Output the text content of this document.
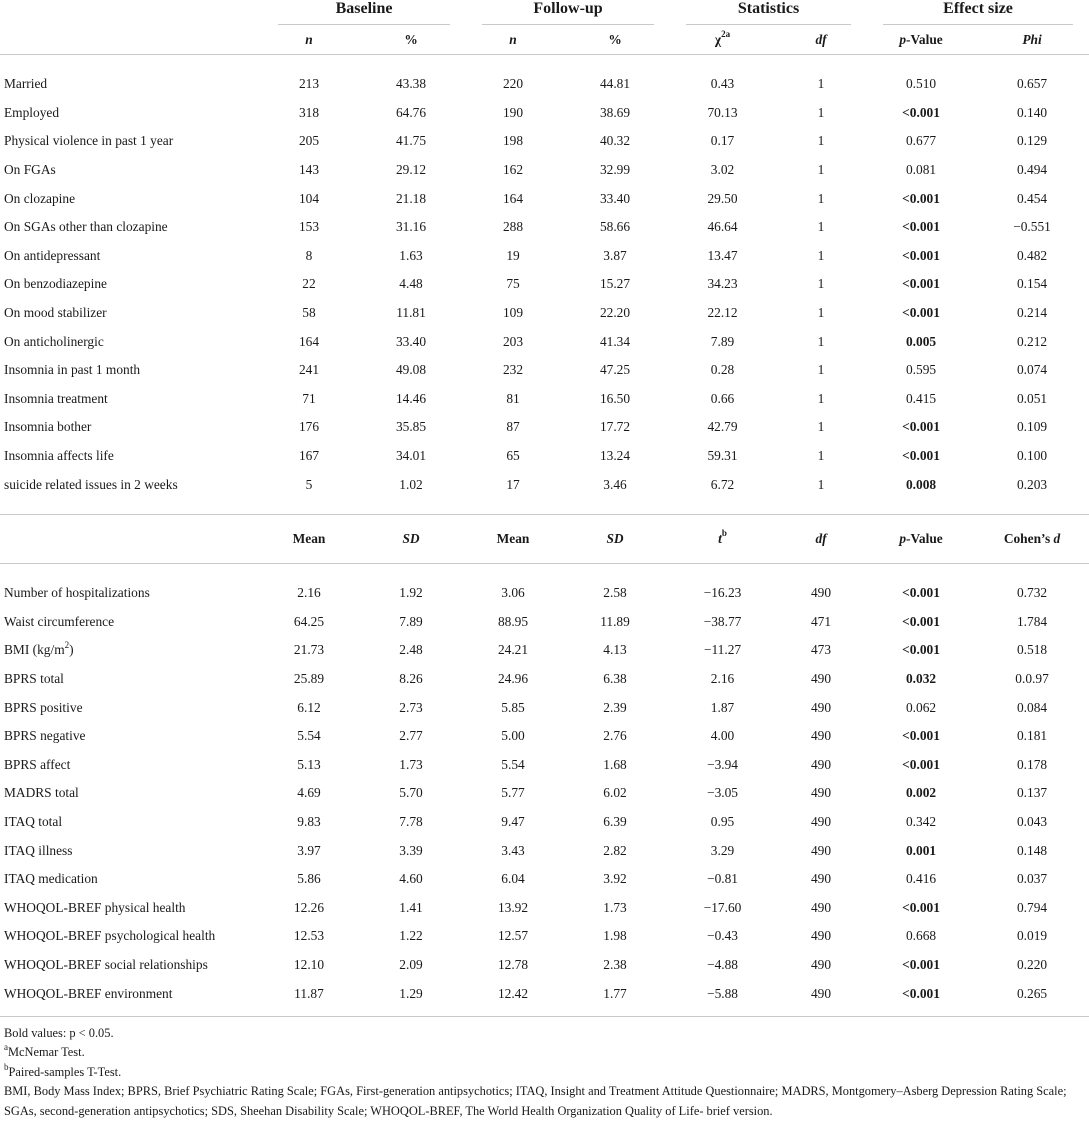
	Baseline		Follow-up		Statistics		Effect size	

	n	%	n	%	$\chi^{2a}$	df	p-Value	Phi

Married	213	43.38	220	44.81	0.43	1	0.510	0.657
Employed	318	64.76	190	38.69	70.13	1	<0.001	0.140
Physical violence in past 1 year	205	41.75	198	40.32	0.17	1	0.677	0.129
On FGAs	143	29.12	162	32.99	3.02	1	0.081	0.494
On clozapine	104	21.18	164	33.40	29.50	1	<0.001	0.454
On SGAs other than clozapine	153	31.16	288	58.66	46.64	1	<0.001	−0.551
On antidepressant	8	1.63	19	3.87	13.47	1	<0.001	0.482
On benzodiazepine	22	4.48	75	15.27	34.23	1	<0.001	0.154
On mood stabilizer	58	11.81	109	22.20	22.12	1	<0.001	0.214
On anticholinergic	164	33.40	203	41.34	7.89	1	0.005	0.212
Insomnia in past 1 month	241	49.08	232	47.25	0.28	1	0.595	0.074
Insomnia treatment	71	14.46	81	16.50	0.66	1	0.415	0.051
Insomnia bother	176	35.85	87	17.72	42.79	1	<0.001	0.109
Insomnia affects life	167	34.01	65	13.24	59.31	1	<0.001	0.100
suicide related issues in 2 weeks	5	1.02	17	3.46	6.72	1	0.008	0.203

	Mean	SD	Mean	SD	$t^b$	df	p-Value	Cohen’s d

Number of hospitalizations	2.16	1.92	3.06	2.58	−16.23	490	<0.001	0.732
Waist circumference	64.25	7.89	88.95	11.89	−38.77	471	<0.001	1.784
BMI $(kg/m^2)$	21.73	2.48	24.21	4.13	−11.27	473	<0.001	0.518
BPRS total	25.89	8.26	24.96	6.38	2.16	490	0.032	0.0.97
BPRS positive	6.12	2.73	5.85	2.39	1.87	490	0.062	0.084
BPRS negative	5.54	2.77	5.00	2.76	4.00	490	<0.001	0.181
BPRS affect	5.13	1.73	5.54	1.68	−3.94	490	<0.001	0.178
MADRS total	4.69	5.70	5.77	6.02	−3.05	490	0.002	0.137
ITAQ total	9.83	7.78	9.47	6.39	0.95	490	0.342	0.043
ITAQ illness	3.97	3.39	3.43	2.82	3.29	490	0.001	0.148
ITAQ medication	5.86	4.60	6.04	3.92	−0.81	490	0.416	0.037
WHOQOL-BREF physical health	12.26	1.41	13.92	1.73	−17.60	490	<0.001	0.794
WHOQOL-BREF psychological health	12.53	1.22	12.57	1.98	−0.43	490	0.668	0.019
WHOQOL-BREF social relationships	12.10	2.09	12.78	2.38	−4.88	490	<0.001	0.220
WHOQOL-BREF environment	11.87	1.29	12.42	1.77	−5.88	490	<0.001	0.265
Bold values: p < 0.05.
$^a$McNemar Test.
$^b$Paired-samples T-Test.
BMI, Body Mass Index; BPRS, Brief Psychiatric Rating Scale; FGAs, First-generation antipsychotics; ITAQ, Insight and Treatment Attitude Questionnaire; MADRS, Montgomery–Asberg Depression Rating Scale; SGAs, second-generation antipsychotics; SDS, Sheehan Disability Scale; WHOQOL-BREF, The World Health Organization Quality of Life- brief version.
